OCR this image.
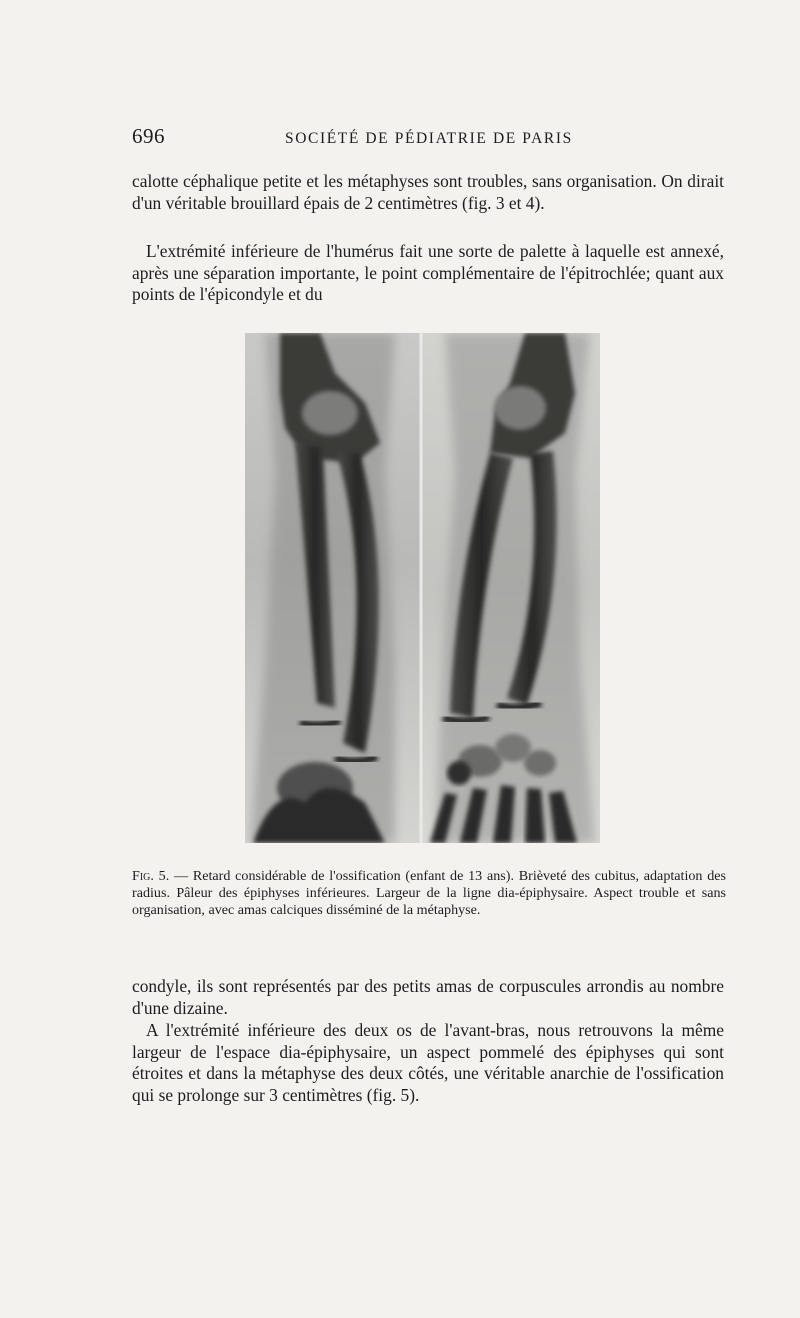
696	SOCIÉTÉ DE PÉDIATRIE DE PARIS

calotte céphalique petite et les métaphyses sont troubles, sans organisation. On dirait d'un véritable brouillard épais de 2 centimètres (fig. 3 et 4).

L'extrémité inférieure de l'humérus fait une sorte de palette à laquelle est annexé, après une séparation importante, le point complémentaire de l'épitrochlée; quant aux points de l'épicondyle et du

Fig. 5. — Retard considérable de l'ossification (enfant de 13 ans). Brièveté des cubitus, adaptation des radius. Pâleur des épiphyses inférieures. Largeur de la ligne dia-épiphysaire. Aspect trouble et sans organisation, avec amas calciques disséminé de la métaphyse.

condyle, ils sont représentés par des petits amas de corpuscules arrondis au nombre d'une dizaine.

A l'extrémité inférieure des deux os de l'avant-bras, nous retrouvons la même largeur de l'espace dia-épiphysaire, un aspect pommelé des épiphyses qui sont étroites et dans la métaphyse des deux côtés, une véritable anarchie de l'ossification qui se prolonge sur 3 centimètres (fig. 5).
